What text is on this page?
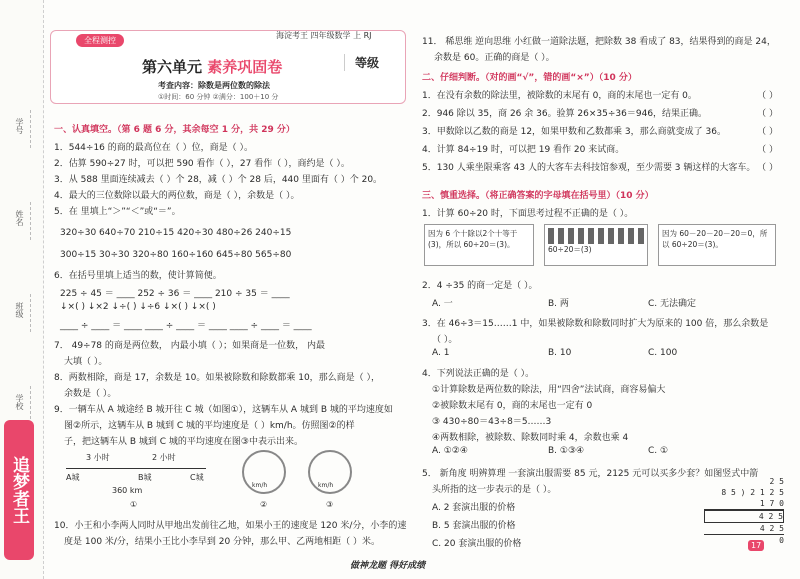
学号
姓名
班级
学校
追梦者王
海淀考王 四年级数学 上 RJ
全程测控
第六单元 素养巩固卷	等级
考查内容：除数是两位数的除法
①时间：60 分钟 ②满分：100＋10 分
一、认真填空。（第 6 题 6 分，其余每空 1 分，共 29 分）
1．544÷16 的商的最高位在（ ）位，商是（ ）。
2．估算 590÷27 时，可以把 590 看作（ ），27 看作（ ），商约是（ ）。
3．从 588 里面连续减去（ ）个 28，减（ ）个 28 后，440 里面有（ ）个 20。
4．最大的三位数除以最大的两位数，商是（ ），余数是（ ）。
5．在 里填上“＞”“＜”或“＝”。
320÷30 640÷70 210÷15 420÷30 480÷26 240÷15
300÷15 30÷30 320÷80 160÷160 645÷80 565÷80
6．在括号里填上适当的数，使计算简便。
225 ÷ 45 ＝ ____ 252 ÷ 36 ＝ ____ 210 ÷ 35 ＝ ____
↓×( ) ↓×2 ↓÷( ) ↓÷6 ↓×( ) ↓×( )
____ ÷ ____ ＝ ____ ____ ÷ ____ ＝ ____ ____ ÷ ____ ＝ ____
7． 49÷78 的商是两位数， 内最小填（ ）；如果商是一位数， 内最
大填（ ）。
8．两数相除，商是 17，余数是 10。如果被除数和除数都乘 10，那么商是（ ），
余数是（ ）。
9．一辆车从 A 城途经 B 城开往 C 城（如图①），这辆车从 A 城到 B 城的平均速度如
图②所示，这辆车从 B 城到 C 城的平均速度是（ ）km/h。仿照图②的样
子，把这辆车从 B 城到 C 城的平均速度在图③中表示出来。
3 小时	2 小时
A城	B城	C城
360 km
①
km/h
②
km/h
③
10．小王和小李两人同时从甲地出发前往乙地，如果小王的速度是 120 米/分，小李的速
度是 100 米/分，结果小王比小李早到 20 分钟，那么甲、乙两地相距（ ）米。
11． 稀思维 逆向思维 小红做一道除法题，把除数 38 看成了 83，结果得到的商是 24，
余数是 60。正确的商是（ ）。
二、仔细判断。（对的画“√”，错的画“×”）（10 分）
1．在没有余数的除法里，被除数的末尾有 0，商的末尾也一定有 0。	（ ）
2．946 除以 35，商 26 余 36。验算 26×35÷36＝946，结果正确。	（ ）
3．甲数除以乙数的商是 12，如果甲数和乙数都乘 3，那么商就变成了 36。	（ ）
4．计算 84÷19 时，可以把 19 看作 20 来试商。	（ ）
5．130 人乘坐限乘客 43 人的大客车去科技馆参观，至少需要 3 辆这样的大客车。 （ ）
三、慎重选择。（将正确答案的字母填在括号里）（10 分）
1．计算 60÷20 时，下面思考过程不正确的是（ ）。
因为 6 个十除以2个十等于(3)，所以 60÷20＝(3)。
60÷20＝(3)
因为 60－20－20－20＝0，所以 60÷20＝(3)。
2．4 ÷35 的商一定是（ ）。
A. 一	B. 两	C. 无法确定
3．在 46÷3＝15……1 中，如果被除数和除数同时扩大为原来的 100 倍，那么余数是
（ ）。
A. 1	B. 10	C. 100
4．下列说法正确的是（ ）。
①计算除数是两位数的除法，用“四舍”法试商，商容易偏大
②被除数末尾有 0，商的末尾也一定有 0
③ 430÷80＝43÷8＝5……3
④两数相除，被除数、除数同时乘 4，余数也乘 4
A. ①②④	B. ①③④	C. ①
5． 新角度 明辨算理 一套演出服需要 85 元，2125 元可以买多少套？如图竖式中箭
头所指的这一步表示的是（ ）。
A. 2 套演出服的价格
B. 5 套演出服的价格
C. 20 套演出服的价格
2 5
8 5 ) 2 1 2 5
1 7 0
4 2 5
4 2 5
0
做神龙题 得好成绩
17
